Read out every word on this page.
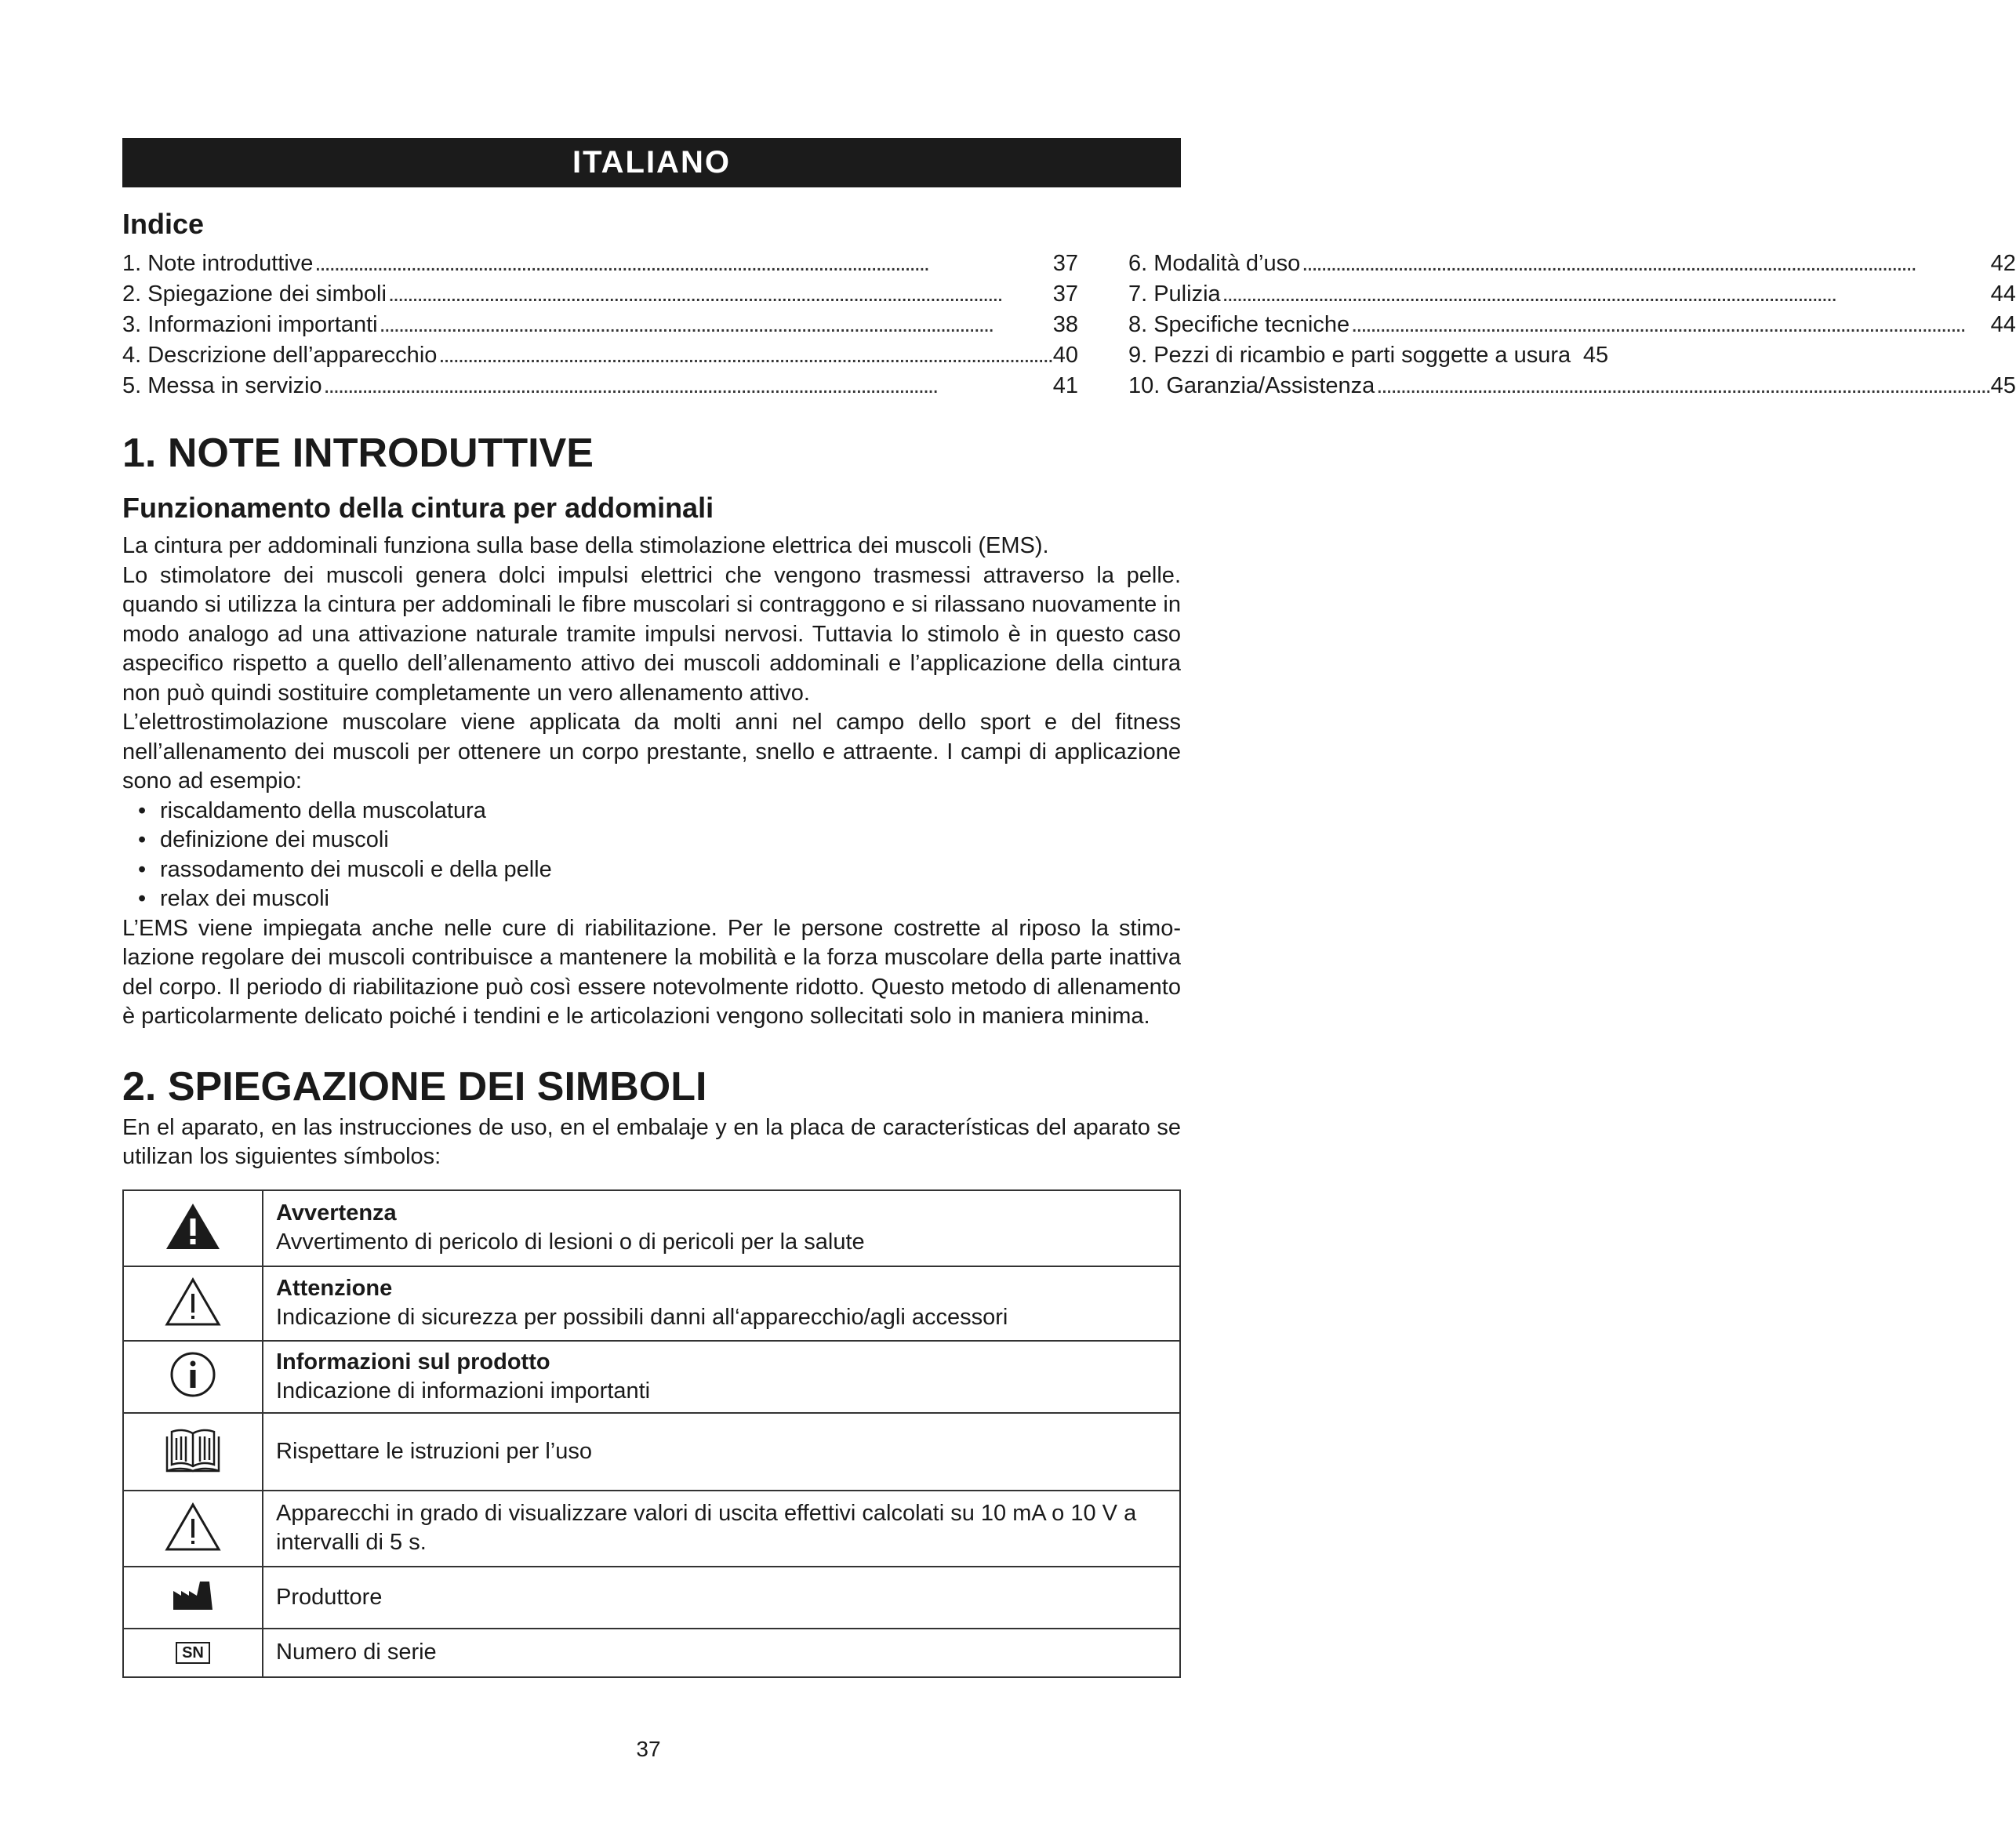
ITALIANO
Indice
1. Note introduttive . . .	37
2. Spiegazione dei simboli . . .	37
3. Informazioni importanti . . .	38
4. Descrizione dell’apparecchio . . .	40
5. Messa in servizio . . .	41
6. Modalità d’uso . . .	42
7. Pulizia . . .	44
8. Specifiche tecniche . . .	44
9. Pezzi di ricambio e parti soggette a usura 45
10. Garanzia/Assistenza . . .	45
1. NOTE INTRODUTTIVE
Funzionamento della cintura per addominali

La cintura per addominali funziona sulla base della stimolazione elettrica dei muscoli (EMS).

Lo stimolatore dei muscoli genera dolci impulsi elettrici che vengono trasmessi attraverso la pelle. quando si utilizza la cintura per addominali le fibre muscolari si contraggono e si rilassano nuovamente in modo analogo ad una attivazione naturale tramite impulsi nervosi. Tuttavia lo stimolo è in questo caso aspecifico rispetto a quello dell’allenamento attivo dei muscoli addominali e l’applicazione della cintura non può quindi sostituire completamente un vero allenamento attivo.

L’elettrostimolazione muscolare viene applicata da molti anni nel campo dello sport e del fitness nell’allenamento dei muscoli per ottenere un corpo prestante, snello e attraente. I campi di applicazione sono ad esempio:

• riscaldamento della muscolatura
• definizione dei muscoli
• rassodamento dei muscoli e della pelle
• relax dei muscoli

L’EMS viene impiegata anche nelle cure di riabilitazione. Per le persone costrette al riposo la stimolazione regolare dei muscoli contribuisce a mantenere la mobilità e la forza muscolare della parte inattiva del corpo. Il periodo di riabilitazione può così essere notevolmente ridotto. Questo metodo di allenamento è particolarmente delicato poiché i tendini e le articolazioni vengono sollecitati solo in maniera minima.

2. SPIEGAZIONE DEI SIMBOLI

En el aparato, en las instrucciones de uso, en el embalaje y en la placa de características del aparato se utilizan los siguientes símbolos:

Avvertenza
Avvertimento di pericolo di lesioni o di pericoli per la salute

Attenzione
Indicazione di sicurezza per possibili danni all‘apparecchio/agli accessori

Informazioni sul prodotto
Indicazione di informazioni importanti

Rispettare le istruzioni per l’uso

Apparecchi in grado di visualizzare valori di uscita effettivi calcolati su 10 mA o 10 V a intervalli di 5 s.

Produttore

SN	Numero di serie
37
